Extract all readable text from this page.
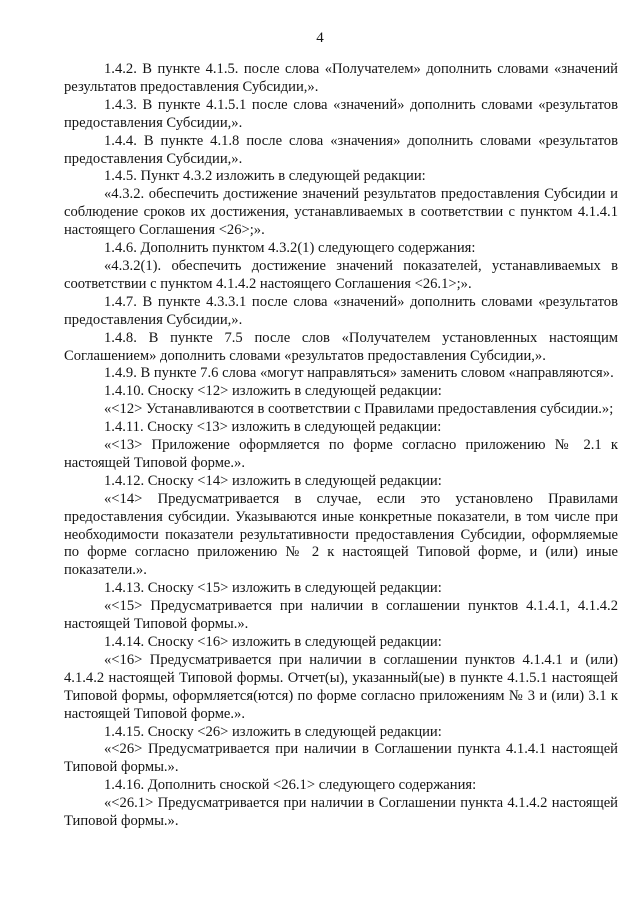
4

1.4.2. В пункте 4.1.5. после слова «Получателем» дополнить словами «значений результатов предоставления Субсидии,».

1.4.3. В пункте 4.1.5.1 после слова «значений» дополнить словами «результатов предоставления Субсидии,».

1.4.4. В пункте 4.1.8 после слова «значения» дополнить словами «результатов предоставления Субсидии,».

1.4.5. Пункт 4.3.2 изложить в следующей редакции:

«4.3.2. обеспечить достижение значений результатов предоставления Субсидии и соблюдение сроков их достижения, устанавливаемых в соответствии с пунктом 4.1.4.1 настоящего Соглашения <26>;».

1.4.6. Дополнить пунктом 4.3.2(1) следующего содержания:

«4.3.2(1). обеспечить достижение значений показателей, устанавливаемых в соответствии с пунктом 4.1.4.2 настоящего Соглашения <26.1>;».

1.4.7. В пункте 4.3.3.1 после слова «значений» дополнить словами «результатов предоставления Субсидии,».

1.4.8. В пункте 7.5 после слов «Получателем установленных настоящим Соглашением» дополнить словами «результатов предоставления Субсидии,».

1.4.9. В пункте 7.6 слова «могут направляться» заменить словом «направляются».

1.4.10. Сноску <12> изложить в следующей редакции:

«<12> Устанавливаются в соответствии с Правилами предоставления субсидии.»;

1.4.11. Сноску <13> изложить в следующей редакции:

«<13> Приложение оформляется по форме согласно приложению № 2.1 к настоящей Типовой форме.».

1.4.12. Сноску <14> изложить в следующей редакции:

«<14> Предусматривается в случае, если это установлено Правилами предоставления субсидии. Указываются иные конкретные показатели, в том числе при необходимости показатели результативности предоставления Субсидии, оформляемые по форме согласно приложению № 2 к настоящей Типовой форме, и (или) иные показатели.».

1.4.13. Сноску <15> изложить в следующей редакции:

«<15> Предусматривается при наличии в соглашении пунктов 4.1.4.1, 4.1.4.2 настоящей Типовой формы.».

1.4.14. Сноску <16> изложить в следующей редакции:

«<16> Предусматривается при наличии в соглашении пунктов 4.1.4.1 и (или) 4.1.4.2 настоящей Типовой формы. Отчет(ы), указанный(ые) в пункте 4.1.5.1 настоящей Типовой формы, оформляется(ются) по форме согласно приложениям № 3 и (или) 3.1 к настоящей Типовой форме.».

1.4.15. Сноску <26> изложить в следующей редакции:

«<26> Предусматривается при наличии в Соглашении пункта 4.1.4.1 настоящей Типовой формы.».

1.4.16. Дополнить сноской <26.1> следующего содержания:

«<26.1> Предусматривается при наличии в Соглашении пункта 4.1.4.2 настоящей Типовой формы.».
